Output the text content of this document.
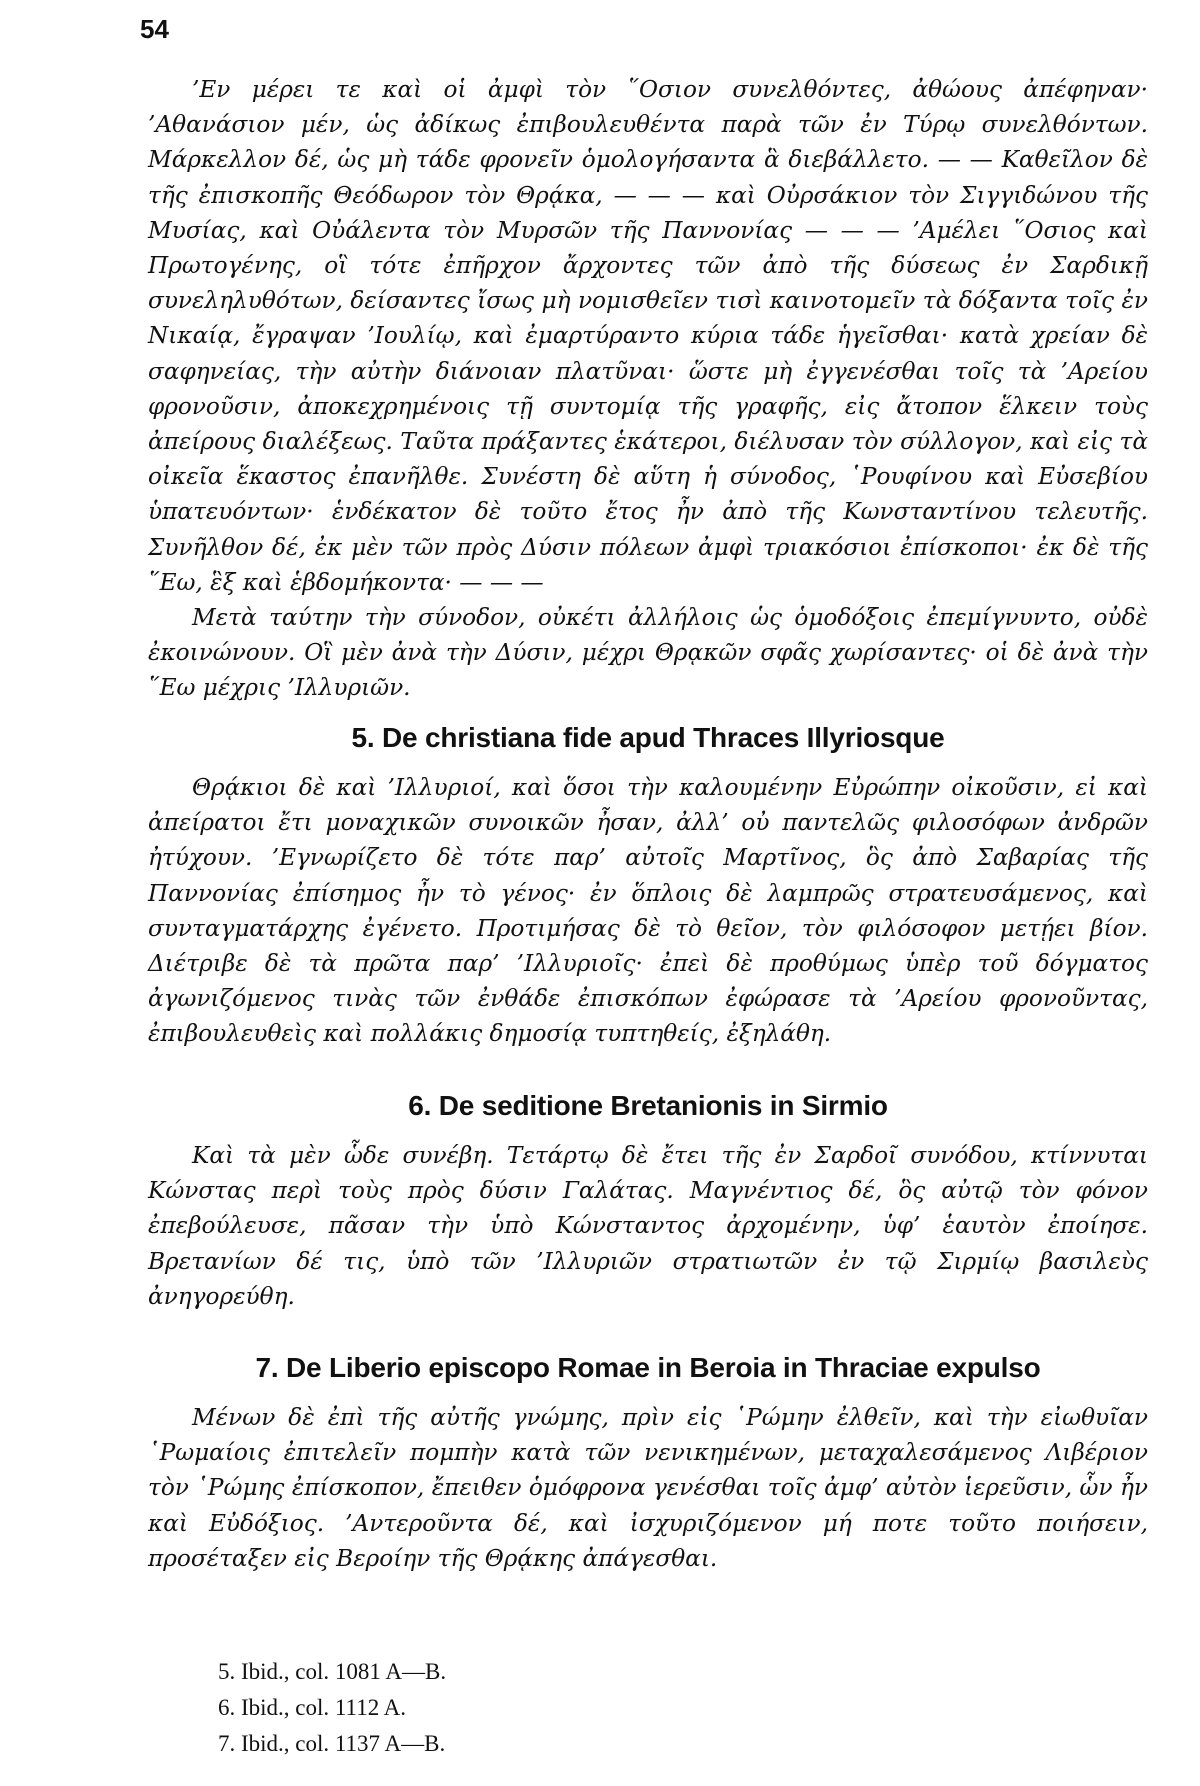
54

’Εν μέρει τε καὶ οἱ ἀμφὶ τὸν ῞Οσιον συνελθόντες, ἀθώους ἀπέφηναν· ’Αθανάσιον μέν, ὡς ἀδίκως ἐπιβουλευθέντα παρὰ τῶν ἐν Τύρῳ συνελθόντων. Μάρκελλον δέ, ὡς μὴ τάδε φρονεῖν ὁμολογήσαντα ἃ διεβάλλετο. — — Καθεῖλον δὲ τῆς ἐπισκοπῆς Θεόδωρον τὸν Θρᾴκα, — — — καὶ Οὐρσάκιον τὸν Σιγγιδώνου τῆς Μυσίας, καὶ Οὐάλεντα τὸν Μυρσῶν τῆς Παννονίας — — — ’Αμέλει ῞Οσιος καὶ Πρωτογένης, οἳ τότε ἐπῆρχον ἄρχοντες τῶν ἀπὸ τῆς δύσεως ἐν Σαρδικῇ συνεληλυθότων, δείσαντες ἴσως μὴ νομισθεῖεν τισὶ καινοτομεῖν τὰ δόξαντα τοῖς ἐν Νικαίᾳ, ἔγραψαν ’Ιουλίῳ, καὶ ἐμαρτύραντο κύρια τάδε ἡγεῖσθαι· κατὰ χρείαν δὲ σαφηνείας, τὴν αὐτὴν διάνοιαν πλατῦναι· ὥστε μὴ ἐγγενέσθαι τοῖς τὰ ’Αρείου φρονοῦσιν, ἀποκεχρημένοις τῇ συντομίᾳ τῆς γραφῆς, εἰς ἄτοπον ἕλκειν τοὺς ἀπείρους διαλέξεως. Ταῦτα πράξαντες ἑκάτεροι, διέλυσαν τὸν σύλλογον, καὶ εἰς τὰ οἰκεῖα ἕκαστος ἐπανῆλθε. Συνέστη δὲ αὕτη ἡ σύνοδος, ῾Ρουφίνου καὶ Εὐσεβίου ὑπατευόντων· ἑνδέκατον δὲ τοῦτο ἔτος ἦν ἀπὸ τῆς Κωνσταντίνου τελευτῆς. Συνῆλθον δέ, ἐκ μὲν τῶν πρὸς Δύσιν πόλεων ἀμφὶ τριακόσιοι ἐπίσκοποι· ἐκ δὲ τῆς ῞Εω, ἓξ καὶ ἑβδομήκοντα· — — —

Μετὰ ταύτην τὴν σύνοδον, οὐκέτι ἀλλήλοις ὡς ὁμοδόξοις ἐπεμίγνυντο, οὐδὲ ἐκοινώνουν. Οἳ μὲν ἀνὰ τὴν Δύσιν, μέχρι Θρᾳκῶν σφᾶς χωρίσαντες· οἱ δὲ ἀνὰ τὴν ῞Εω μέχρις ’Ιλλυριῶν.

5. De christiana fide apud Thraces Illyriosque

Θρᾴκιοι δὲ καὶ ’Ιλλυριοί, καὶ ὅσοι τὴν καλουμένην Εὐρώπην οἰκοῦσιν, εἰ καὶ ἀπείρατοι ἔτι μοναχικῶν συνοικῶν ἦσαν, ἀλλ’ οὐ παντελῶς φιλοσόφων ἀνδρῶν ἠτύχουν. ’Εγνωρίζετο δὲ τότε παρ’ αὐτοῖς Μαρτῖνος, ὃς ἀπὸ Σαβαρίας τῆς Παννονίας ἐπίσημος ἦν τὸ γένος· ἐν ὅπλοις δὲ λαμπρῶς στρατευσάμενος, καὶ συνταγματάρχης ἐγένετο. Προτιμήσας δὲ τὸ θεῖον, τὸν φιλόσοφον μετῄει βίον. Διέτριβε δὲ τὰ πρῶτα παρ’ ’Ιλλυριοῖς· ἐπεὶ δὲ προθύμως ὑπὲρ τοῦ δόγματος ἀγωνιζόμενος τινὰς τῶν ἐνθάδε ἐπισκόπων ἐφώρασε τὰ ’Αρείου φρονοῦντας, ἐπιβουλευθεὶς καὶ πολλάκις δημοσίᾳ τυπτηθείς, ἐξηλάθη.

6. De seditione Bretanionis in Sirmio

Καὶ τὰ μὲν ὧδε συνέβη. Τετάρτῳ δὲ ἔτει τῆς ἐν Σαρδοῖ συνόδου, κτίννυται Κώνστας περὶ τοὺς πρὸς δύσιν Γαλάτας. Μαγνέντιος δέ, ὃς αὐτῷ τὸν φόνον ἐπεβούλευσε, πᾶσαν τὴν ὑπὸ Κώνσταντος ἀρχομένην, ὑφ’ ἑαυτὸν ἐποίησε. Βρετανίων δέ τις, ὑπὸ τῶν ’Ιλλυριῶν στρατιωτῶν ἐν τῷ Σιρμίῳ βασιλεὺς ἀνηγορεύθη.

7. De Liberio episcopo Romae in Beroia in Thraciae expulso

Μένων δὲ ἐπὶ τῆς αὐτῆς γνώμης, πρὶν εἰς ῾Ρώμην ἐλθεῖν, καὶ τὴν εἰωθυῖαν ῾Ρωμαίοις ἐπιτελεῖν πομπὴν κατὰ τῶν νενικημένων, μεταχαλεσάμενος Λιβέριον τὸν ῾Ρώμης ἐπίσκοπον, ἔπειθεν ὁμόφρονα γενέσθαι τοῖς ἀμφ’ αὐτὸν ἱερεῦσιν, ὧν ἦν καὶ Εὐδόξιος. ’Αντεροῦντα δέ, καὶ ἰσχυριζόμενον μή ποτε τοῦτο ποιήσειν, προσέταξεν εἰς Βεροίην τῆς Θρᾴκης ἀπάγεσθαι.

5. Ibid., col. 1081 A—B.
6. Ibid., col. 1112 A.
7. Ibid., col. 1137 A—B.
